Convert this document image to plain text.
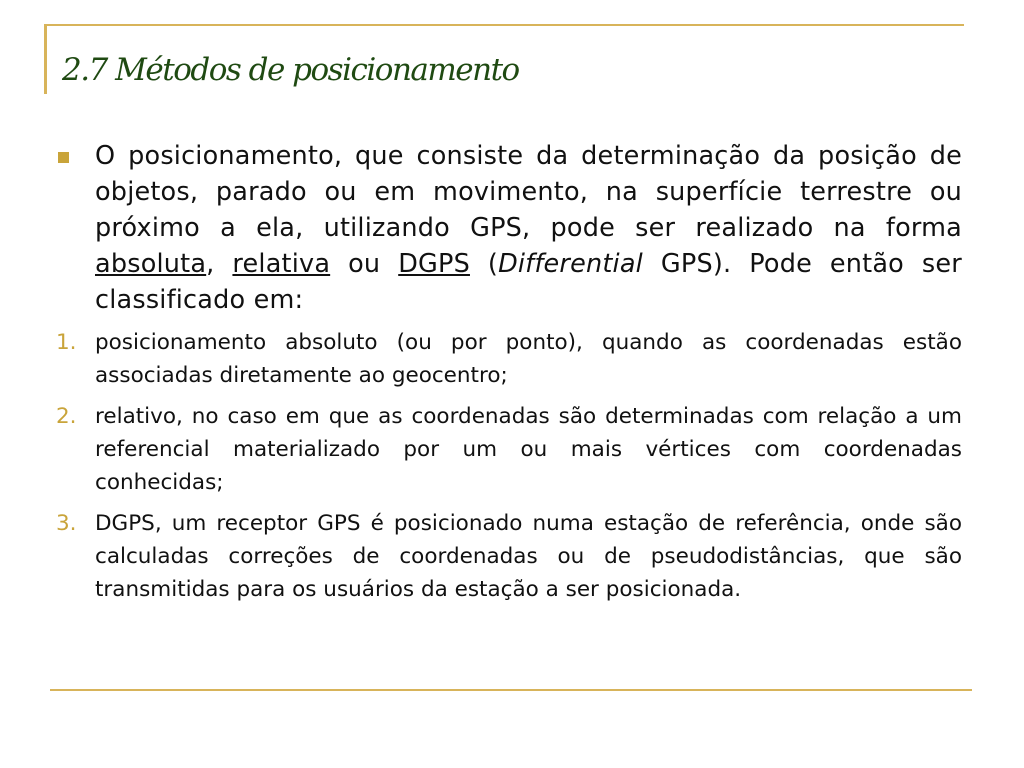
2.7 Métodos de posicionamento
O posicionamento, que consiste da determinação da posição de objetos, parado ou em movimento, na superfície terrestre ou próximo a ela, utilizando GPS, pode ser realizado na forma absoluta, relativa ou DGPS (Differential GPS). Pode então ser classificado em:
1. posicionamento absoluto (ou por ponto), quando as coordenadas estão associadas diretamente ao geocentro;
2. relativo, no caso em que as coordenadas são determinadas com relação a um referencial materializado por um ou mais vértices com coordenadas conhecidas;
3. DGPS, um receptor GPS é posicionado numa estação de referência, onde são calculadas correções de coordenadas ou de pseudodistâncias, que são transmitidas para os usuários da estação a ser posicionada.
